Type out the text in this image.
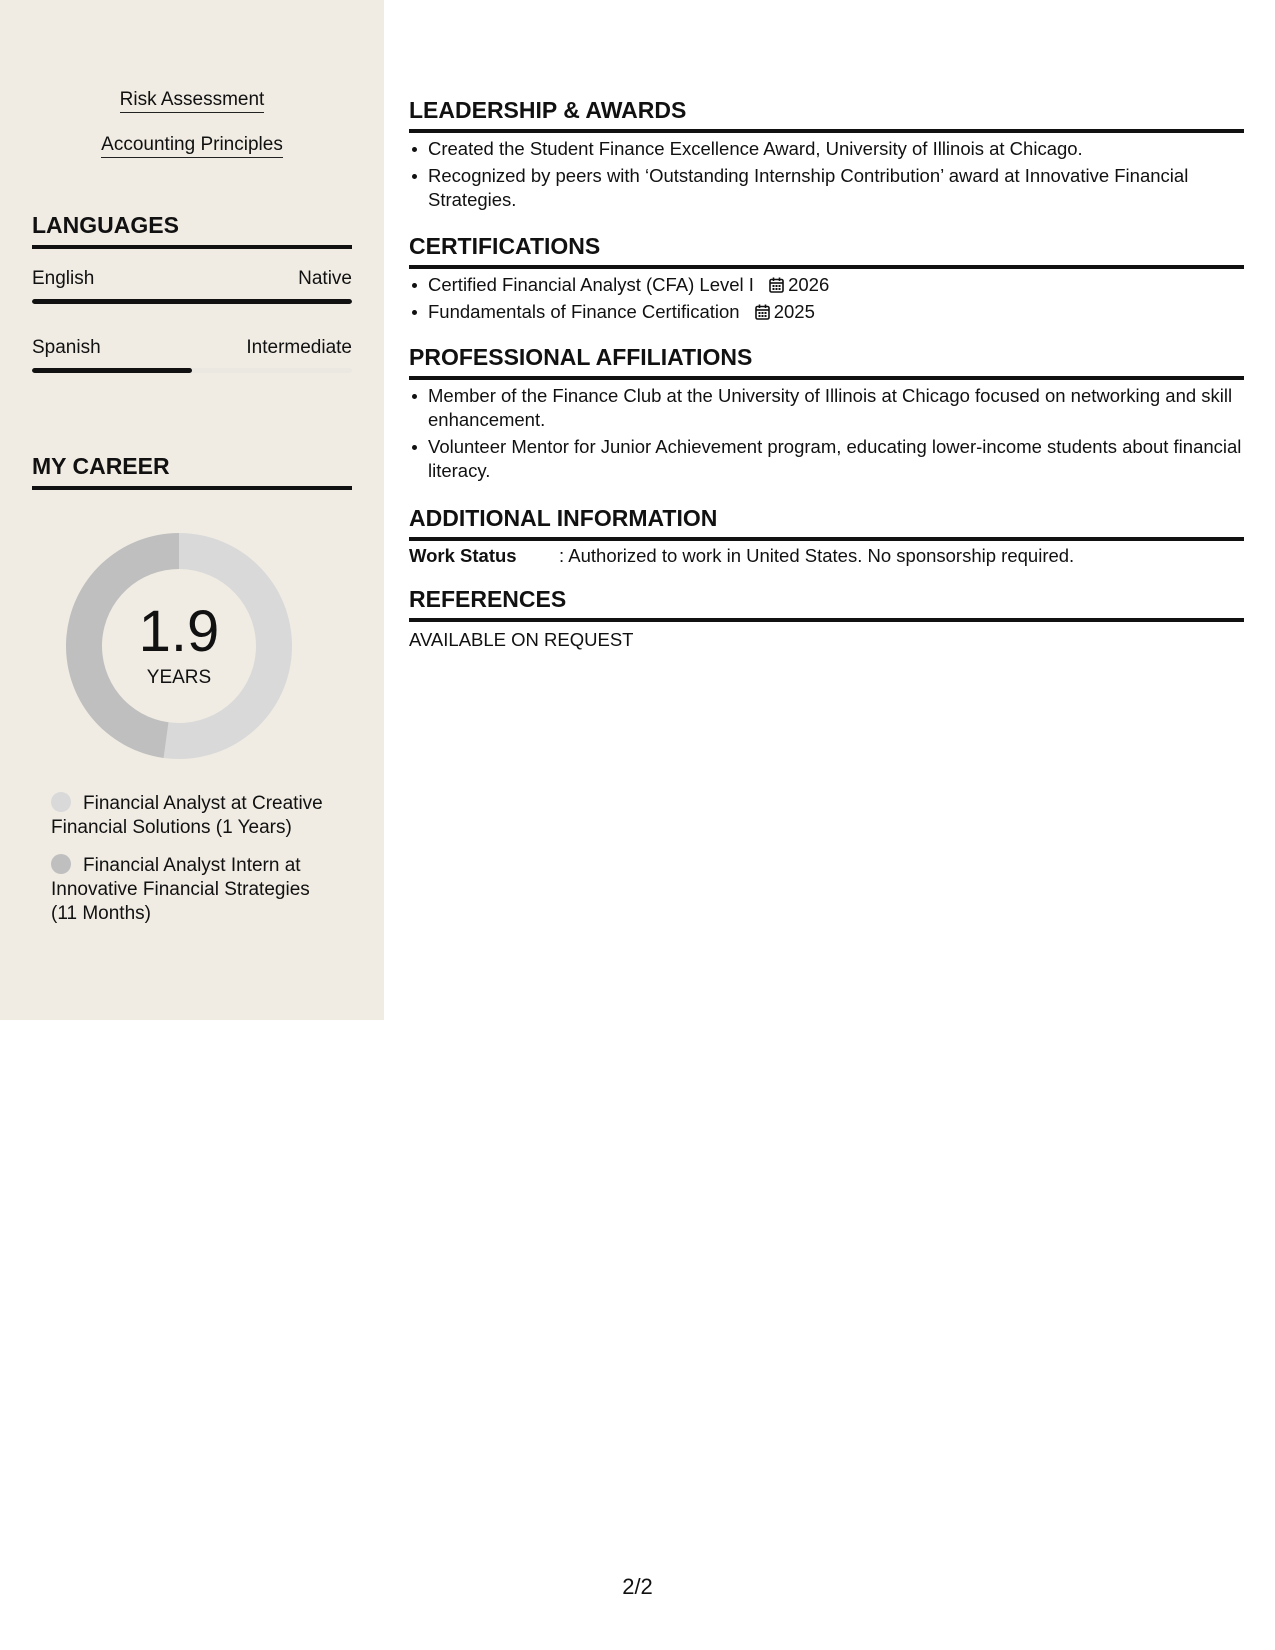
Risk Assessment
Accounting Principles
LANGUAGES
English	Native
Spanish	Intermediate
MY CAREER
1.9
YEARS
Financial Analyst at Creative Financial Solutions (1 Years)
Financial Analyst Intern at Innovative Financial Strategies (11 Months)
LEADERSHIP & AWARDS
Created the Student Finance Excellence Award, University of Illinois at Chicago.
Recognized by peers with ‘Outstanding Internship Contribution’ award at Innovative Financial Strategies.
CERTIFICATIONS
Certified Financial Analyst (CFA) Level I 2026
Fundamentals of Finance Certification 2025
PROFESSIONAL AFFILIATIONS
Member of the Finance Club at the University of Illinois at Chicago focused on networking and skill enhancement.
Volunteer Mentor for Junior Achievement program, educating lower-income students about financial literacy.
ADDITIONAL INFORMATION
Work Status : Authorized to work in United States. No sponsorship required.
REFERENCES
AVAILABLE ON REQUEST
2/2
